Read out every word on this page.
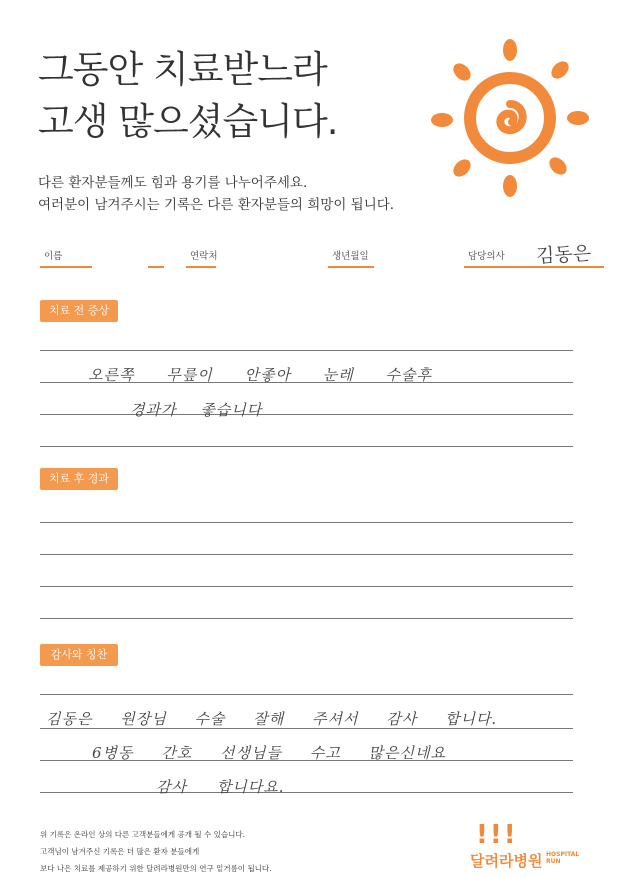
그동안 치료받느라
고생 많으셨습니다.
다른 환자분들께도 힘과 용기를 나누어주세요.
여러분이 남겨주시는 기록은 다른 환자분들의 희망이 됩니다.
이름	연락처	생년월일	담당의사 김동은
치료 전 증상
오른쪽 무릎이 안좋아 눈레 수술후
경과가 좋습니다
치료 후 경과
감사와 칭찬
김동은 원장님 수술 잘해 주셔서 감사 합니다.
6병동 간호 선생님들 수고 많은신네요
감사 합니다요.
위 기록은 온라인 상의 다른 고객분들에게 공개 될 수 있습니다.
고객님이 남겨주신 기록은 더 많은 환자 분들에게
보다 나은 치료를 제공하기 위한 달려라병원만의 연구 밑거름이 됩니다.
!!!
달려라병원 HOSPITAL RUN
